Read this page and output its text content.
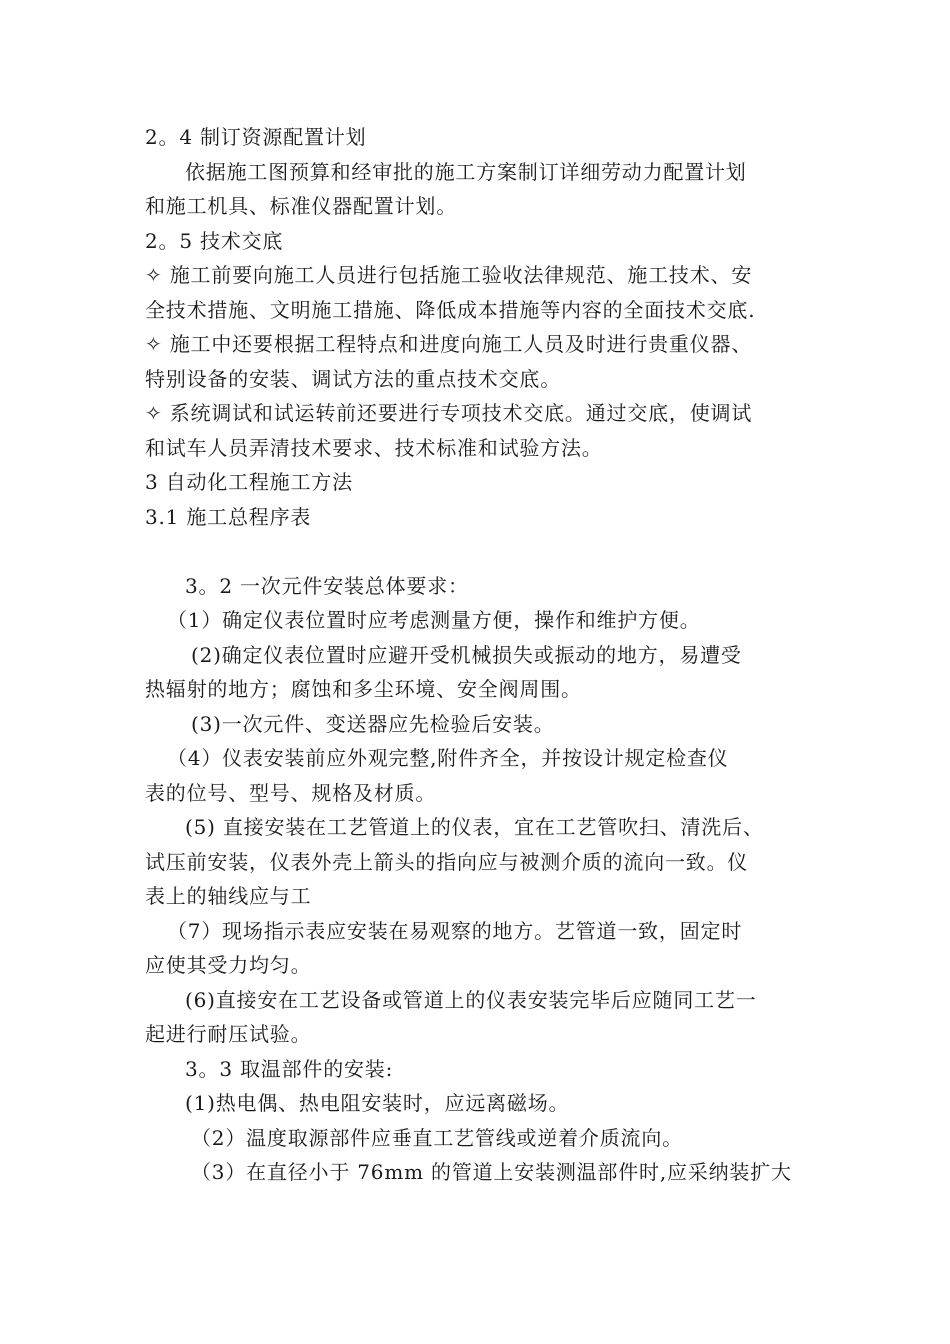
2。4 制订资源配置计划
依据施工图预算和经审批的施工方案制订详细劳动力配置计划
和施工机具、标准仪器配置计划。
2。5 技术交底
✧ 施工前要向施工人员进行包括施工验收法律规范、施工技术、安
全技术措施、文明施工措施、降低成本措施等内容的全面技术交底.
✧ 施工中还要根据工程特点和进度向施工人员及时进行贵重仪器、
特别设备的安装、调试方法的重点技术交底。
✧ 系统调试和试运转前还要进行专项技术交底。通过交底，使调试
和试车人员弄清技术要求、技术标准和试验方法。
3 自动化工程施工方法
3.1 施工总程序表
3。2 一次元件安装总体要求：
（1）确定仪表位置时应考虑测量方便，操作和维护方便。
(2)确定仪表位置时应避开受机械损失或振动的地方，易遭受
热辐射的地方；腐蚀和多尘环境、安全阀周围。
(3)一次元件、变送器应先检验后安装。
（4）仪表安装前应外观完整,附件齐全，并按设计规定检查仪
表的位号、型号、规格及材质。
(5) 直接安装在工艺管道上的仪表，宜在工艺管吹扫、清洗后、
试压前安装，仪表外壳上箭头的指向应与被测介质的流向一致。仪
表上的轴线应与工
（7）现场指示表应安装在易观察的地方。艺管道一致，固定时
应使其受力均匀。
(6)直接安在工艺设备或管道上的仪表安装完毕后应随同工艺一
起进行耐压试验。
3。3 取温部件的安装:
(1)热电偶、热电阻安装时，应远离磁场。
（2）温度取源部件应垂直工艺管线或逆着介质流向。
（3）在直径小于 76mm 的管道上安装测温部件时,应采纳装扩大
